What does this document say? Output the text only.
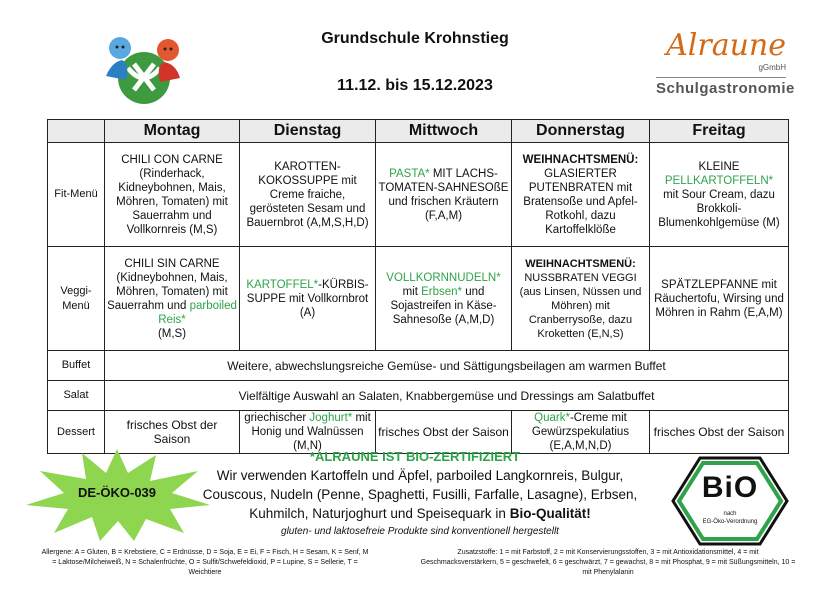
Grundschule Krohnstieg
11.12. bis 15.12.2023
Alraune
gGmbH
Schulgastronomie
	Montag	Dienstag	Mittwoch	Donnerstag	Freitag
Fit-Menü	CHILI CON CARNE (Rinderhack, Kidneybohnen, Mais, Möhren, Tomaten) mit Sauerrahm und Vollkornreis (M,S)	KAROTTEN-KOKOSSUPPE mit Creme fraiche, gerösteten Sesam und Bauernbrot (A,M,S,H,D)	PASTA* MIT LACHS-TOMATEN-SAHNESOßE und frischen Kräutern (F,A,M)	WEIHNACHTSMENÜ:
GLASIERTER PUTENBRATEN mit Bratensoße und Apfel-Rotkohl, dazu Kartoffelklöße	KLEINE
PELLKARTOFFELN*
mit Sour Cream, dazu Brokkoli-Blumenkohlgemüse (M)
Veggi-Menü	CHILI SIN CARNE (Kidneybohnen, Mais, Möhren, Tomaten) mit Sauerrahm und parboiled Reis*
(M,S)	KARTOFFEL*-KÜRBIS-SUPPE mit Vollkornbrot (A)	VOLLKORNNUDELN*
mit Erbsen* und Sojastreifen in Käse-Sahnesoße (A,M,D)	WEIHNACHTSMENÜ:
NUSSBRATEN VEGGI (aus Linsen, Nüssen und Möhren) mit Cranberrysoße, dazu Kroketten (E,N,S)	SPÄTZLEPFANNE mit Räuchertofu, Wirsing und Möhren in Rahm (E,A,M)
Buffet	Weitere, abwechslungsreiche Gemüse- und Sättigungsbeilagen am warmen Buffet				
Salat	Vielfältige Auswahl an Salaten, Knabbergemüse und Dressings am Salatbuffet				
Dessert	frisches Obst der Saison	griechischer Joghurt* mit Honig und Walnüssen (M,N)	frisches Obst der Saison	Quark*-Creme mit Gewürzspekulatius (E,A,M,N,D)	frisches Obst der Saison
*ALRAUNE IST BIO-ZERTIFIZIERT
DE-ÖKO-039
Wir verwenden Kartoffeln und Äpfel, parboiled Langkornreis, Bulgur, Couscous, Nudeln (Penne, Spaghetti, Fusilli, Farfalle, Lasagne), Erbsen, Kuhmilch, Naturjoghurt und Speisequark in Bio-Qualität!
gluten- und laktosefreie Produkte sind konventionell hergestellt
BiO
nach
EG-Öko-Verordnung
Allergene: A = Gluten, B = Krebstiere, C = Erdnüsse, D = Soja, E = Ei, F = Fisch, H = Sesam, K = Senf, M = Laktose/Milcheiweiß, N = Schalenfrüchte, O = Sulfit/Schwefeldioxid, P = Lupine, S = Sellerie, T = Weichtiere
Zusatzstoffe: 1 = mit Farbstoff, 2 = mit Konservierungsstoffen, 3 = mit Antioxidationsmittel, 4 = mit Geschmacksverstärkern, 5 = geschwefelt, 6 = geschwärzt, 7 = gewachst, 8 = mit Phosphat, 9 = mit Süßungsmitteln, 10 = mit Phenylalanin
